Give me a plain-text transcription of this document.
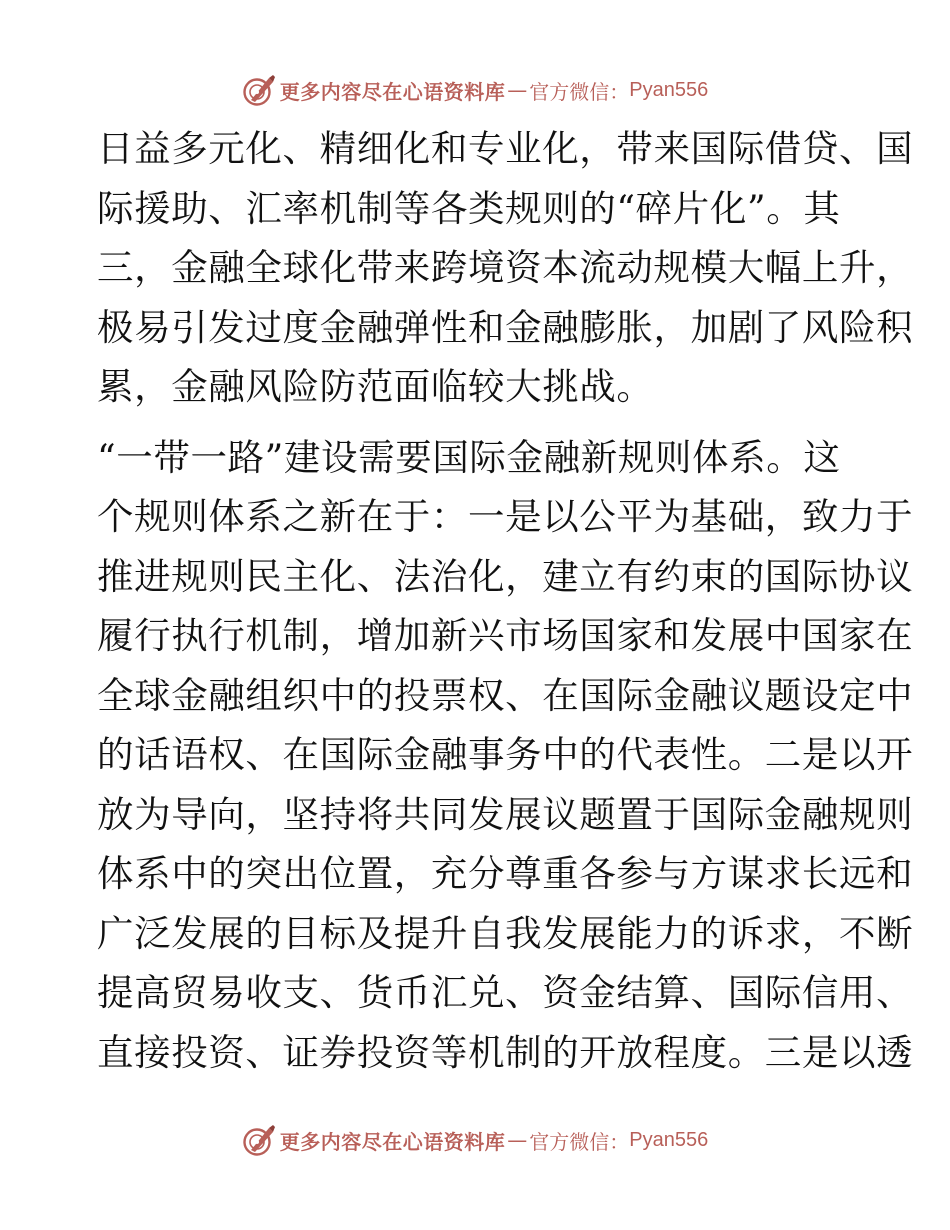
更多内容尽在心语资料库 — 官方微信： Pyan556
日益多元化、精细化和专业化，带来国际借贷、国
际援助、汇率机制等各类规则的“碎片化”。其
三，金融全球化带来跨境资本流动规模大幅上升，
极易引发过度金融弹性和金融膨胀，加剧了风险积
累，金融风险防范面临较大挑战。
“一带一路”建设需要国际金融新规则体系。这
个规则体系之新在于：一是以公平为基础，致力于
推进规则民主化、法治化，建立有约束的国际协议
履行执行机制，增加新兴市场国家和发展中国家在
全球金融组织中的投票权、在国际金融议题设定中
的话语权、在国际金融事务中的代表性。二是以开
放为导向，坚持将共同发展议题置于国际金融规则
体系中的突出位置，充分尊重各参与方谋求长远和
广泛发展的目标及提升自我发展能力的诉求，不断
提高贸易收支、货币汇兑、资金结算、国际信用、
直接投资、证券投资等机制的开放程度。三是以透
更多内容尽在心语资料库 — 官方微信： Pyan556
